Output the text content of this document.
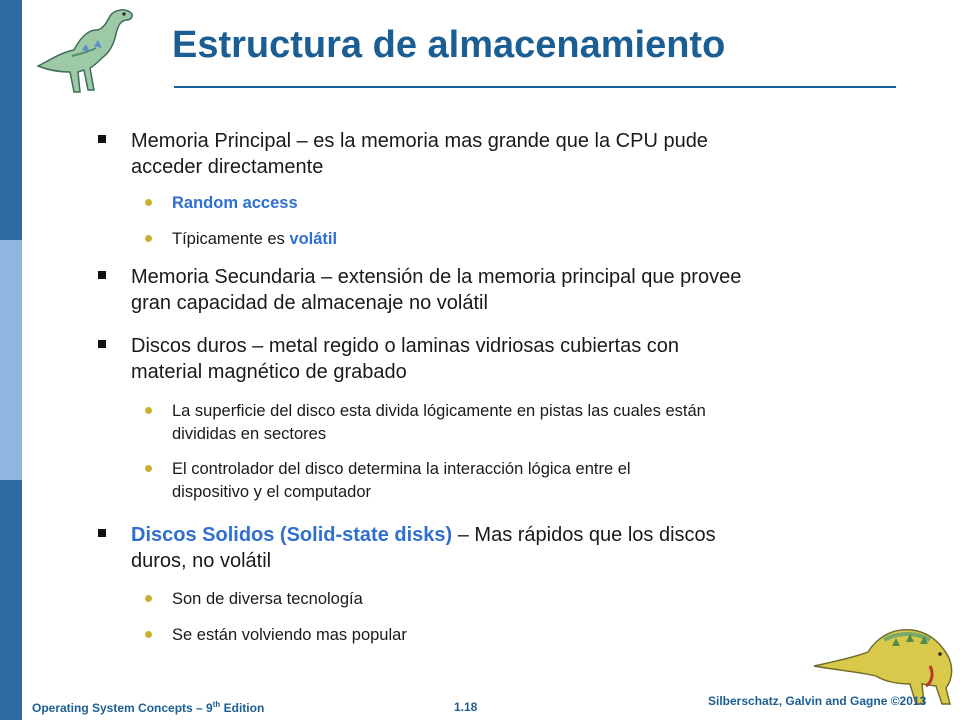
Estructura de almacenamiento
Memoria Principal – es la memoria mas grande que la CPU pude
acceder directamente
Random access
Típicamente es volátil
Memoria Secundaria – extensión de la memoria principal que provee
gran capacidad de almacenaje no volátil
Discos duros – metal regido o laminas vidriosas cubiertas con
material magnético de grabado
La superficie del disco esta divida lógicamente en pistas las cuales están
divididas en sectores
El controlador del disco determina la interacción lógica entre el
dispositivo y el computador
Discos Solidos (Solid-state disks) – Mas rápidos que los discos
duros, no volátil
Son de diversa tecnología
Se están volviendo mas popular
Operating System Concepts – 9th Edition	1.18	Silberschatz, Galvin and Gagne ©2013
